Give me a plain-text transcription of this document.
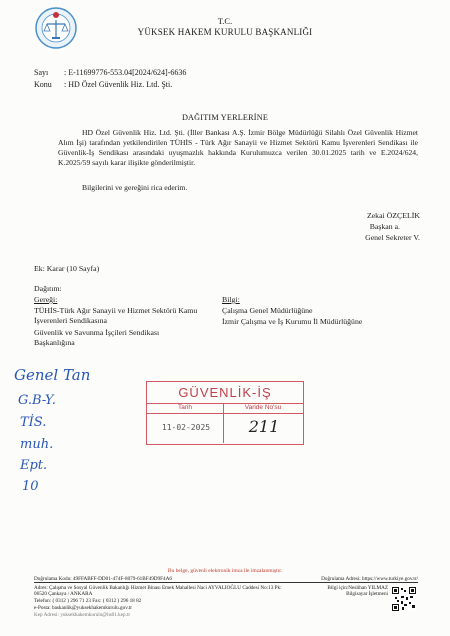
T.C.
YÜKSEK HAKEM KURULU BAŞKANLIĞI
Sayı : E-11699776-553.04[2024/624]-6636
Konu : HD Özel Güvenlik Hiz. Ltd. Şti.
DAĞITIM YERLERİNE
HD Özel Güvenlik Hiz. Ltd. Şti. (İller Bankası A.Ş. İzmir Bölge Müdürlüğü Silahlı Özel Güvenlik Hizmet Alım İşi) tarafından yetkilendirilen TÜHİS - Türk Ağır Sanayii ve Hizmet Sektörü Kamu İşverenleri Sendikası ile Güvenlik-İş Sendikası arasındaki uyuşmazlık hakkında Kurulumuzca verilen 30.01.2025 tarih ve E.2024/624, K.2025/59 sayılı karar ilişikte gönderilmiştir.
Bilgilerini ve gereğini rica ederim.
Zekai ÖZÇELİK
Başkan a.
Genel Sekreter V.
Ek: Karar (10 Sayfa)
Dağıtım:
Gereği:
TÜHİS-Türk Ağır Sanayii ve Hizmet Sektörü Kamu İşverenleri Sendikasına
Güvenlik ve Savunma İşçileri Sendikası Başkanlığına
Bilgi:
Çalışma Genel Müdürlüğüne
İzmir Çalışma ve İş Kurumu İl Müdürlüğüne
Genel Tan
G.B-Y.
TİS.
muh.
Ept.
10
GÜVENLİK-İŞ
Tarih	Varide No'su
11-02-2025	211
Bu belge, güvenli elektronik imza ile imzalanmıştır.
Doğrulama Kodu: 49FFABFF-DD01-474F-8079-61BF49D9F4A6	Doğrulama Adresi: https://www.turkiye.gov.tr/
Adres: Çalışma ve Sosyal Güvenlik Bakanlığı Hizmet Binası Emek Mahallesi Naci AYVALIOĞLU Caddesi No:13 Pk: 06520 Çankaya / ANKARA
Telefon: ( 0312 ) 296 71 23 Fax: ( 0312 ) 296 18 82
e-Posta: baskanlik@yuksekhakemkurulu.gov.tr
Kep Adresi: yuksekhakemkurulu@hs01.kep.tr
Bilgi için:Neslihan YILMAZ
Bilgisayar İşletmeni
